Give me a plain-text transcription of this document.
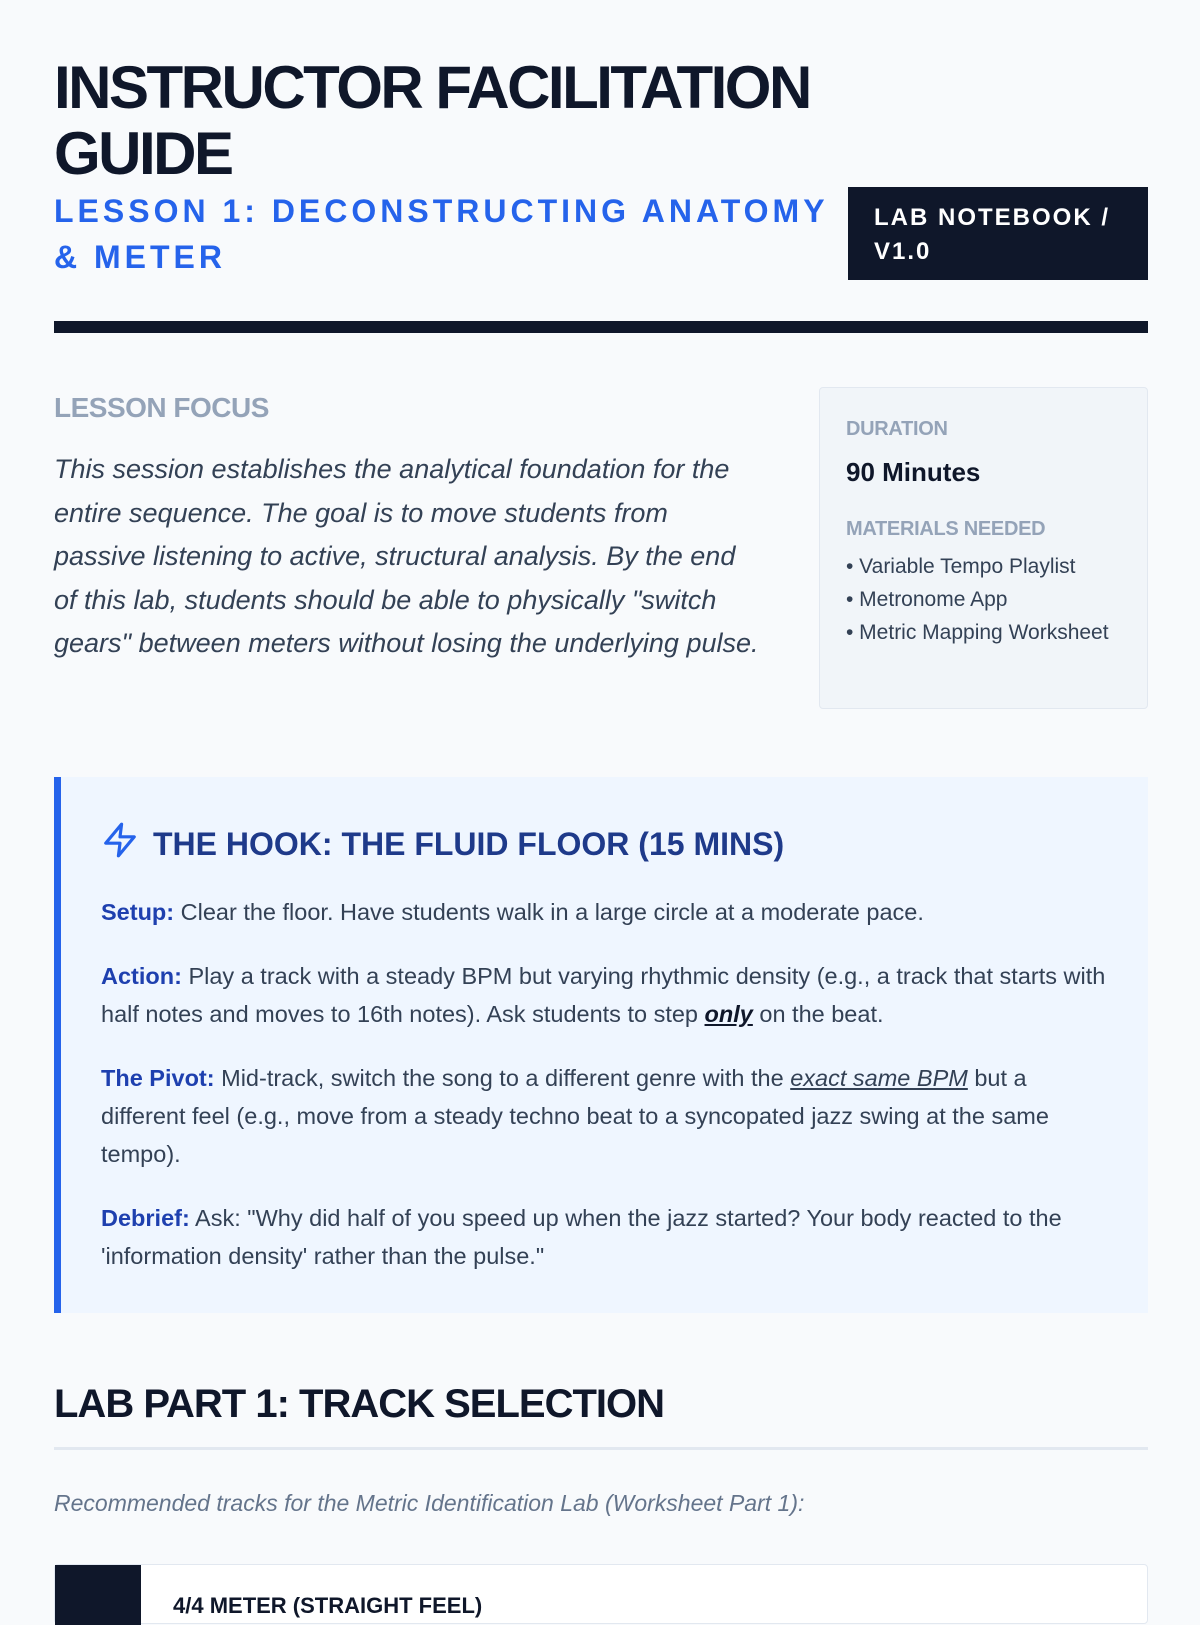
INSTRUCTOR FACILITATION GUIDE
LESSON 1: DECONSTRUCTING ANATOMY & METER
LAB NOTEBOOK / V1.0
LESSON FOCUS

This session establishes the analytical foundation for the entire sequence. The goal is to move students from passive listening to active, structural analysis. By the end of this lab, students should be able to physically "switch gears" between meters without losing the underlying pulse.

DURATION
90 Minutes
MATERIALS NEEDED
• Variable Tempo Playlist
• Metronome App
• Metric Mapping Worksheet
THE HOOK: THE FLUID FLOOR (15 MINS)

Setup: Clear the floor. Have students walk in a large circle at a moderate pace.

Action: Play a track with a steady BPM but varying rhythmic density (e.g., a track that starts with half notes and moves to 16th notes). Ask students to step only on the beat.

The Pivot: Mid-track, switch the song to a different genre with the exact same BPM but a different feel (e.g., move from a steady techno beat to a syncopated jazz swing at the same tempo).

Debrief: Ask: "Why did half of you speed up when the jazz started? Your body reacted to the 'information density' rather than the pulse."

LAB PART 1: TRACK SELECTION

Recommended tracks for the Metric Identification Lab (Worksheet Part 1):

4/4 METER (STRAIGHT FEEL)
